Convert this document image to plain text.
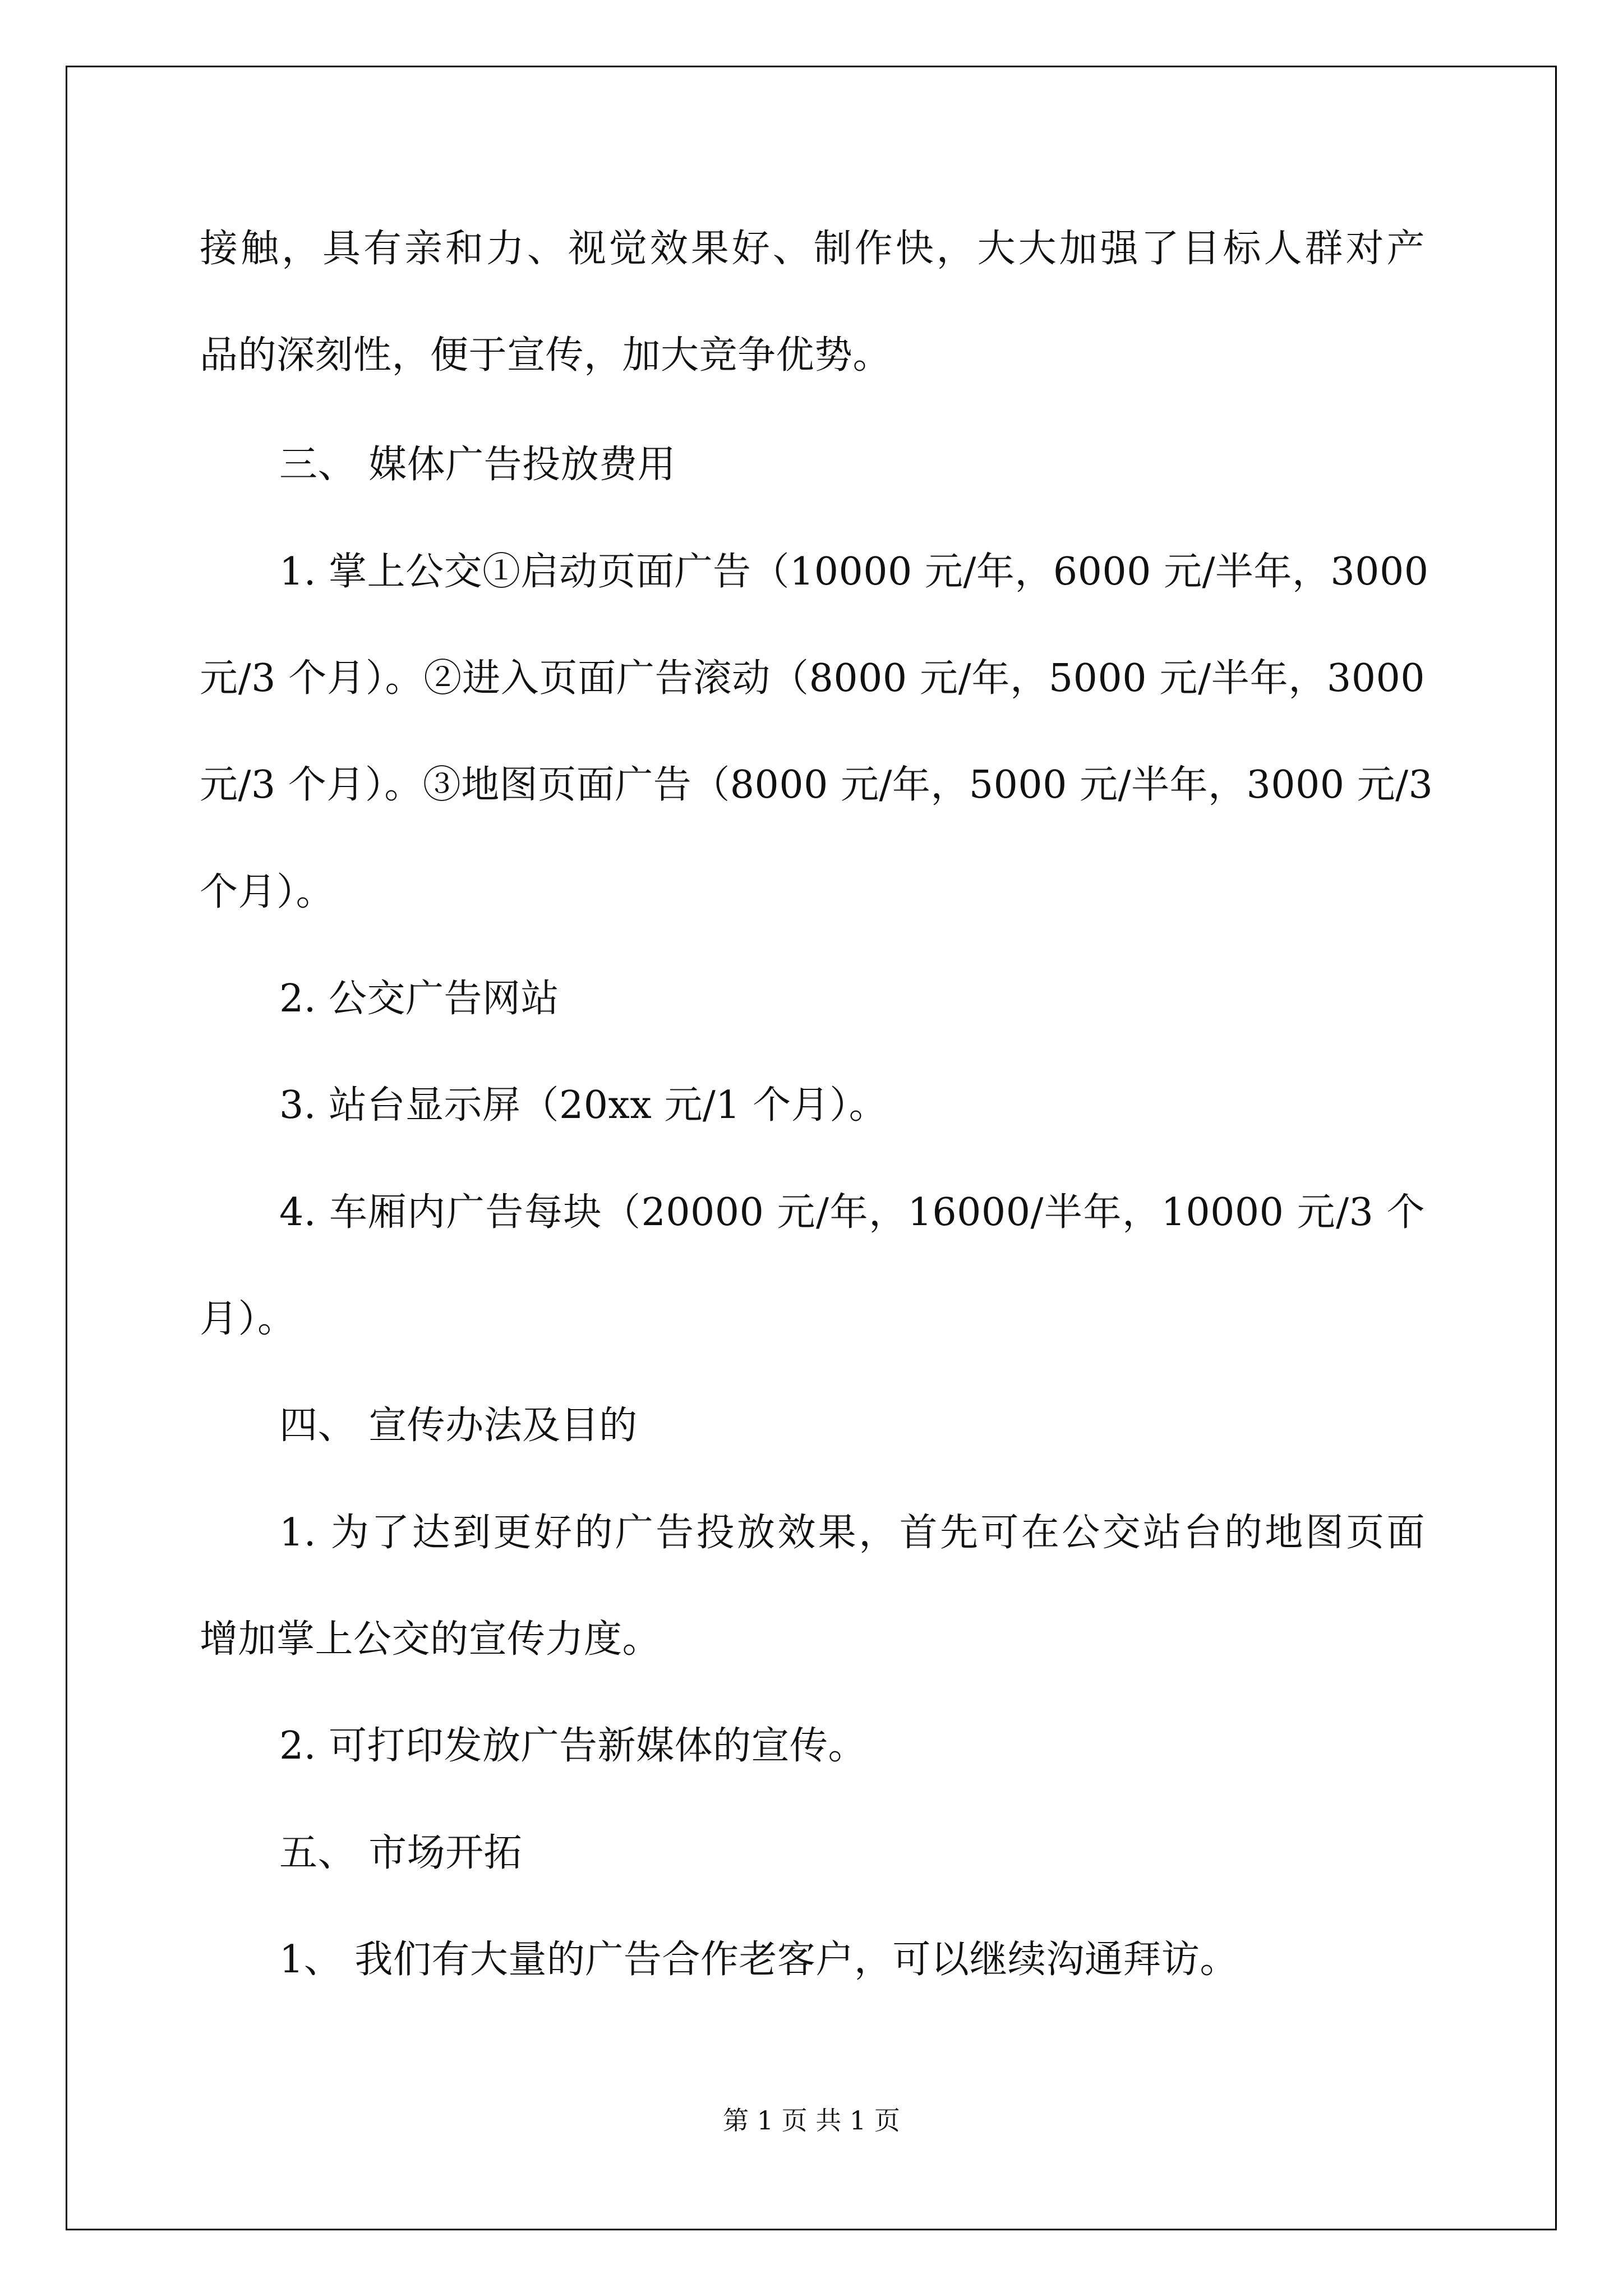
接触，具有亲和力、视觉效果好、制作快，大大加强了目标人群对产
品的深刻性，便于宣传，加大竞争优势。
三、 媒体广告投放费用
1. 掌上公交①启动页面广告（10000 元/年，6000 元/半年，3000
元/3 个月）。②进入页面广告滚动（8000 元/年，5000 元/半年，3000
元/3 个月）。③地图页面广告（8000 元/年，5000 元/半年，3000 元/3
个月）。
2. 公交广告网站
3. 站台显示屏（20xx 元/1 个月）。
4. 车厢内广告每块（20000 元/年，16000/半年，10000 元/3 个
月）。
四、 宣传办法及目的
1. 为了达到更好的广告投放效果，首先可在公交站台的地图页面
增加掌上公交的宣传力度。
2. 可打印发放广告新媒体的宣传。
五、 市场开拓
1、 我们有大量的广告合作老客户，可以继续沟通拜访。
第 1 页 共 1 页
